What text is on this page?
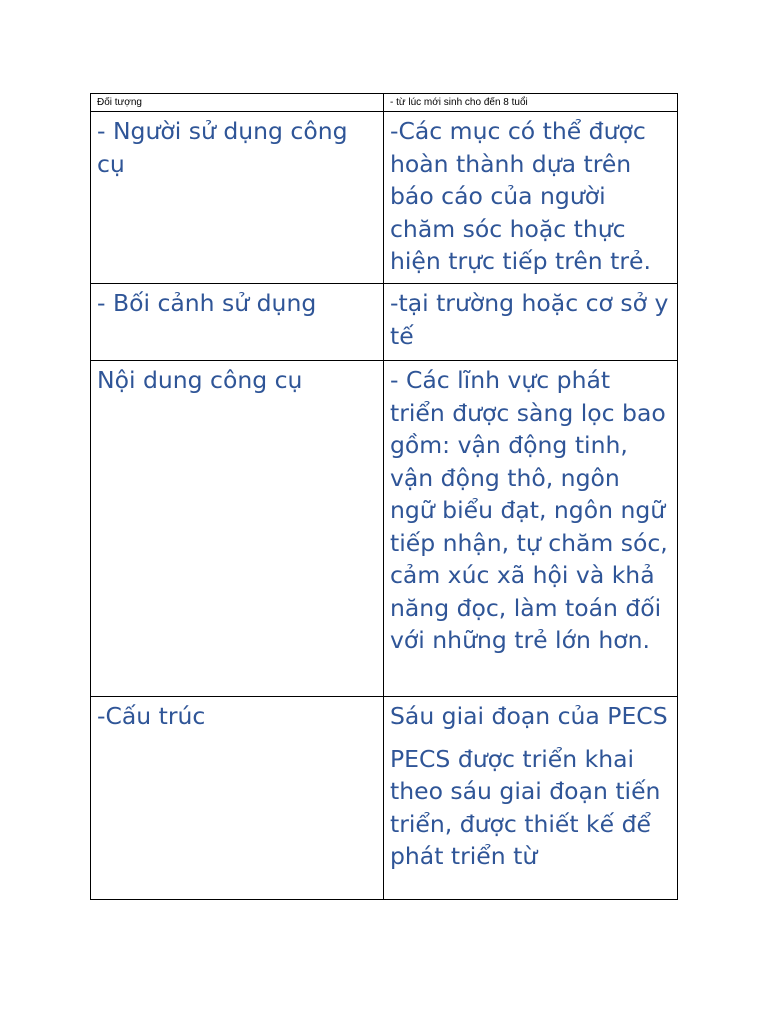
Đối tượng	- từ lúc mới sinh cho đến 8 tuổi

- Người sử dụng công cụ	-Các mục có thể được hoàn thành dựa trên báo cáo của người chăm sóc hoặc thực hiện trực tiếp trên trẻ.

- Bối cảnh sử dụng	-tại trường hoặc cơ sở y tế

Nội dung công cụ	- Các lĩnh vực phát triển được sàng lọc bao gồm: vận động tinh, vận động thô, ngôn ngữ biểu đạt, ngôn ngữ tiếp nhận, tự chăm sóc, cảm xúc xã hội và khả năng đọc, làm toán đối với những trẻ lớn hơn.

-Cấu trúc	Sáu giai đoạn của PECS

PECS được triển khai theo sáu giai đoạn tiến triển, được thiết kế để phát triển từ
